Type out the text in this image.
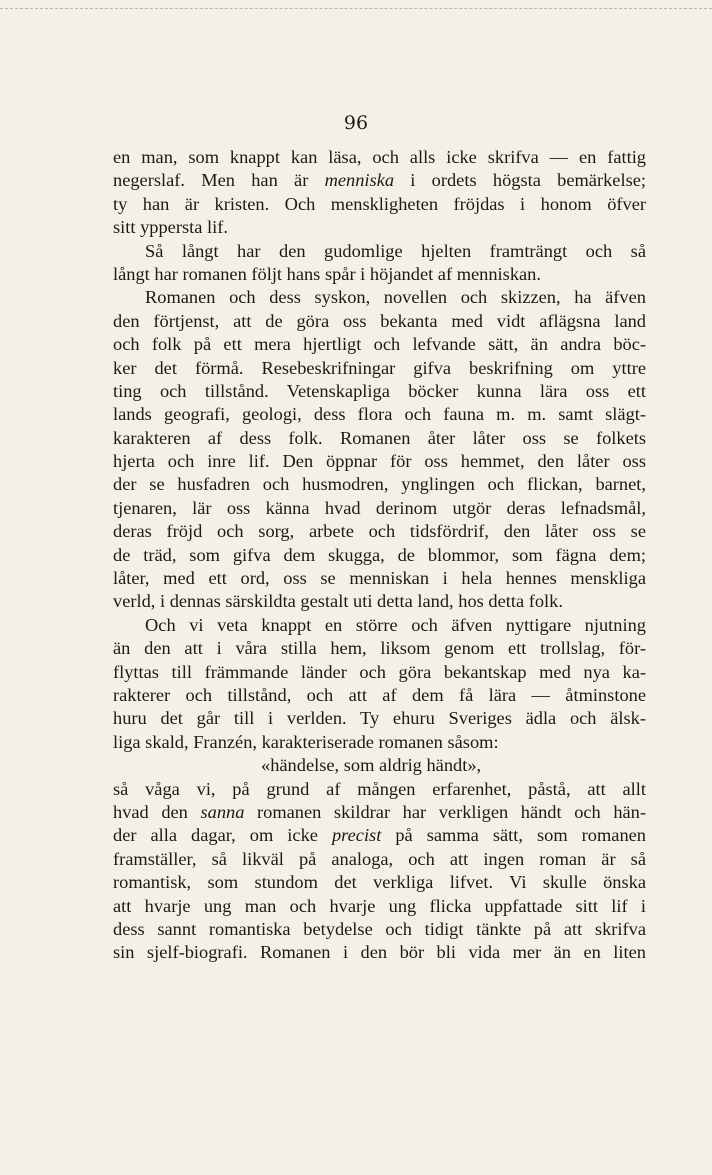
96
en man, som knappt kan läsa, och alls icke skrifva — en fattig
negerslaf. Men han är menniska i ordets högsta bemärkelse;
ty han är kristen. Och menskligheten fröjdas i honom öfver
sitt yppersta lif.
Så långt har den gudomlige hjelten framträngt och så
långt har romanen följt hans spår i höjandet af menniskan.
Romanen och dess syskon, novellen och skizzen, ha äfven
den förtjenst, att de göra oss bekanta med vidt aflägsna land
och folk på ett mera hjertligt och lefvande sätt, än andra böc-
ker det förmå. Resebeskrifningar gifva beskrifning om yttre
ting och tillstånd. Vetenskapliga böcker kunna lära oss ett
lands geografi, geologi, dess flora och fauna m. m. samt slägt-
karakteren af dess folk. Romanen åter låter oss se folkets
hjerta och inre lif. Den öppnar för oss hemmet, den låter oss
der se husfadren och husmodren, ynglingen och flickan, barnet,
tjenaren, lär oss känna hvad derinom utgör deras lefnadsmål,
deras fröjd och sorg, arbete och tidsfördrif, den låter oss se
de träd, som gifva dem skugga, de blommor, som fägna dem;
låter, med ett ord, oss se menniskan i hela hennes menskliga
verld, i dennas särskildta gestalt uti detta land, hos detta folk.
Och vi veta knappt en större och äfven nyttigare njutning
än den att i våra stilla hem, liksom genom ett trollslag, för-
flyttas till främmande länder och göra bekantskap med nya ka-
rakterer och tillstånd, och att af dem få lära — åtminstone
huru det går till i verlden. Ty ehuru Sveriges ädla och älsk-
liga skald, Franzén, karakteriserade romanen såsom:
«händelse, som aldrig händt»,
så våga vi, på grund af mången erfarenhet, påstå, att allt
hvad den sanna romanen skildrar har verkligen händt och hän-
der alla dagar, om icke precist på samma sätt, som romanen
framställer, så likväl på analoga, och att ingen roman är så
romantisk, som stundom det verkliga lifvet. Vi skulle önska
att hvarje ung man och hvarje ung flicka uppfattade sitt lif i
dess sannt romantiska betydelse och tidigt tänkte på att skrifva
sin sjelf-biografi. Romanen i den bör bli vida mer än en liten
